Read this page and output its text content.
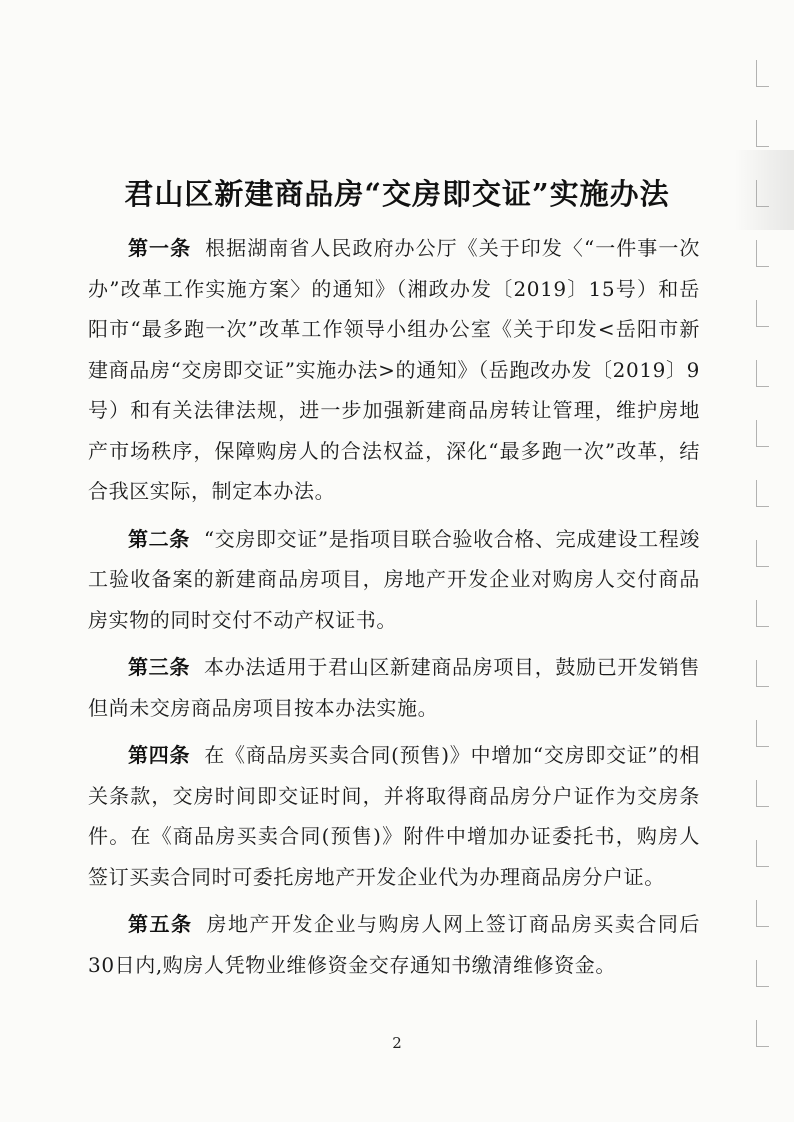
君山区新建商品房“交房即交证”实施办法

第一条 根据湖南省人民政府办公厅《关于印发〈“一件事一次办”改革工作实施方案〉的通知》（湘政办发〔2019〕15号）和岳阳市“最多跑一次”改革工作领导小组办公室《关于印发<岳阳市新建商品房“交房即交证”实施办法>的通知》（岳跑改办发〔2019〕9号）和有关法律法规，进一步加强新建商品房转让管理，维护房地产市场秩序，保障购房人的合法权益，深化“最多跑一次”改革，结合我区实际，制定本办法。

第二条 “交房即交证”是指项目联合验收合格、完成建设工程竣工验收备案的新建商品房项目，房地产开发企业对购房人交付商品房实物的同时交付不动产权证书。

第三条 本办法适用于君山区新建商品房项目，鼓励已开发销售但尚未交房商品房项目按本办法实施。

第四条 在《商品房买卖合同(预售)》中增加“交房即交证”的相关条款，交房时间即交证时间，并将取得商品房分户证作为交房条件。在《商品房买卖合同(预售)》附件中增加办证委托书，购房人签订买卖合同时可委托房地产开发企业代为办理商品房分户证。

第五条 房地产开发企业与购房人网上签订商品房买卖合同后30日内,购房人凭物业维修资金交存通知书缴清维修资金。

2
